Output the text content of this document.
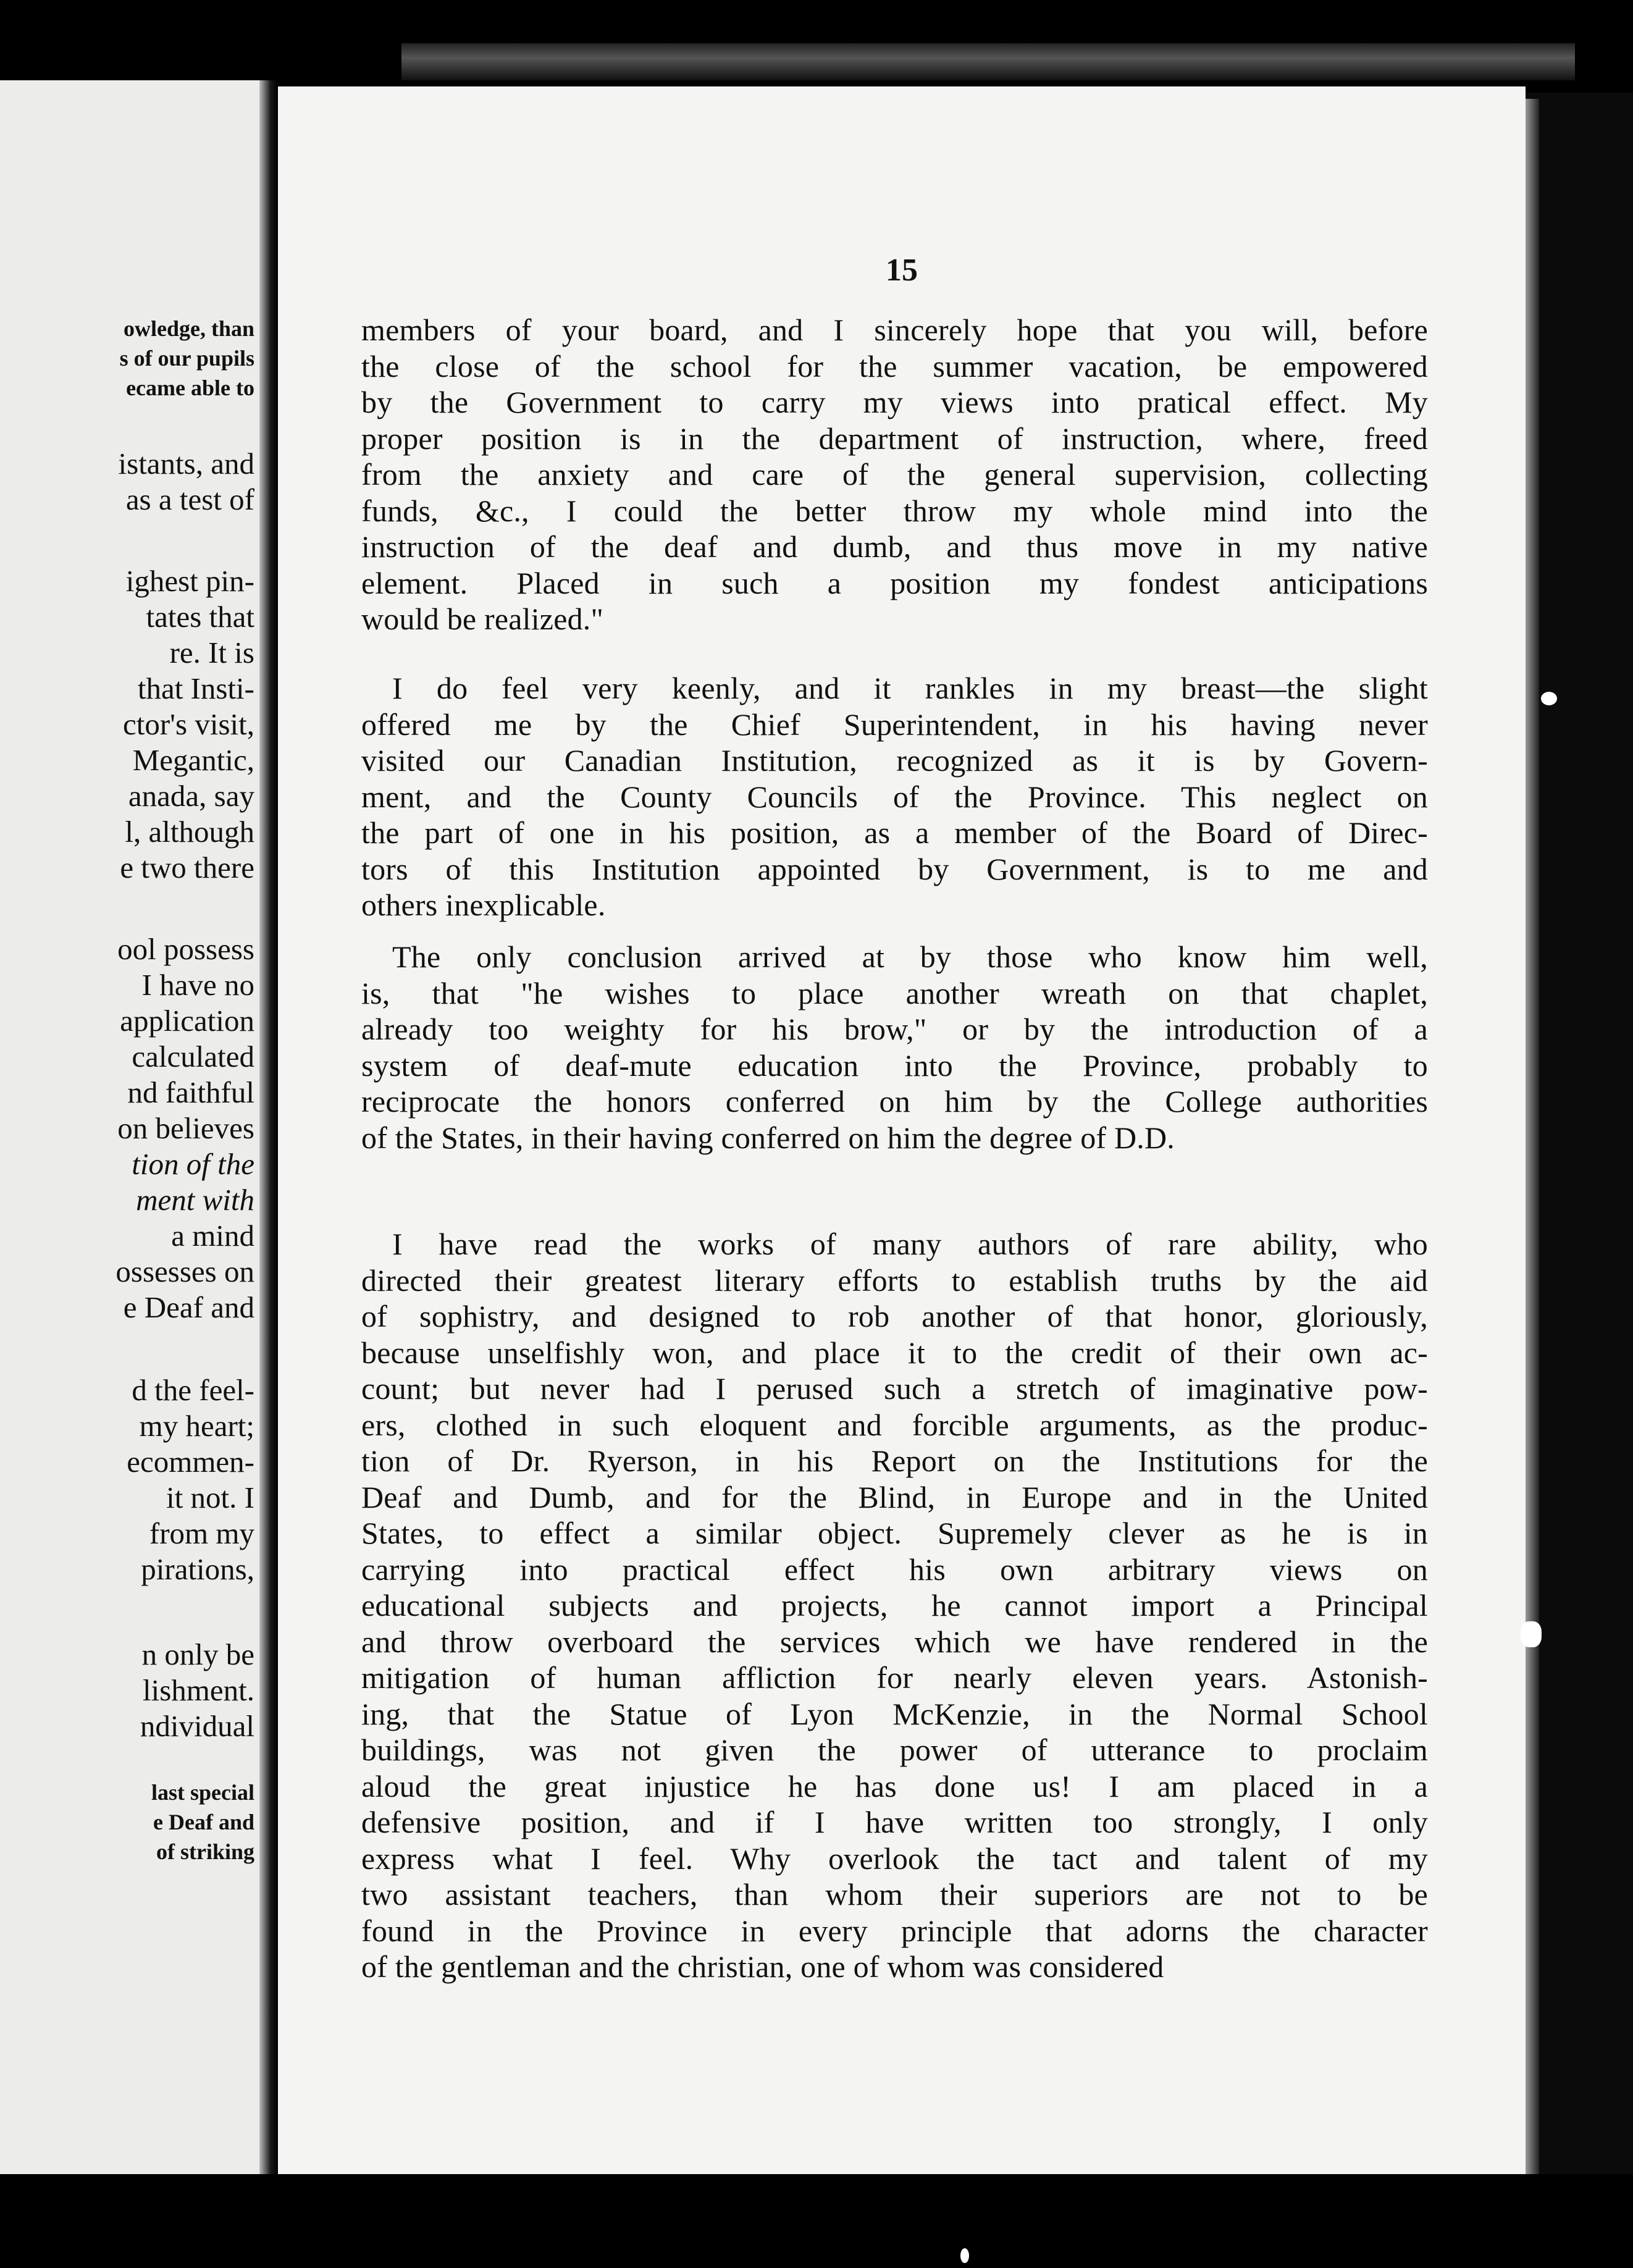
owledge, than
s of our pupils
ecame able to
istants, and
as a test of
ighest pin-
tates that
re. It is
that Insti-
ctor's visit,
Megantic,
anada, say
l, although
e two there
ool possess
I have no
application
calculated
nd faithful
on believes
tion of the
ment with
a mind
ossesses on
e Deaf and
d the feel-
my heart;
ecommen-
it not. I
from my
pirations,
n only be
lishment.
ndividual
last special
e Deaf and
of striking
15
members of your board, and I sincerely hope that you will, before
the close of the school for the summer vacation, be empowered
by the Government to carry my views into pratical effect. My
proper position is in the department of instruction, where, freed
from the anxiety and care of the general supervision, collecting
funds, &c., I could the better throw my whole mind into the
instruction of the deaf and dumb, and thus move in my native
element. Placed in such a position my fondest anticipations
would be realized."
I do feel very keenly, and it rankles in my breast—the slight
offered me by the Chief Superintendent, in his having never
visited our Canadian Institution, recognized as it is by Govern-
ment, and the County Councils of the Province. This neglect on
the part of one in his position, as a member of the Board of Direc-
tors of this Institution appointed by Government, is to me and
others inexplicable.
The only conclusion arrived at by those who know him well,
is, that "he wishes to place another wreath on that chaplet,
already too weighty for his brow," or by the introduction of a
system of deaf-mute education into the Province, probably to
reciprocate the honors conferred on him by the College authorities
of the States, in their having conferred on him the degree of D.D.
I have read the works of many authors of rare ability, who
directed their greatest literary efforts to establish truths by the aid
of sophistry, and designed to rob another of that honor, gloriously,
because unselfishly won, and place it to the credit of their own ac-
count; but never had I perused such a stretch of imaginative pow-
ers, clothed in such eloquent and forcible arguments, as the produc-
tion of Dr. Ryerson, in his Report on the Institutions for the
Deaf and Dumb, and for the Blind, in Europe and in the United
States, to effect a similar object. Supremely clever as he is in
carrying into practical effect his own arbitrary views on
educational subjects and projects, he cannot import a Principal
and throw overboard the services which we have rendered in the
mitigation of human affliction for nearly eleven years. Astonish-
ing, that the Statue of Lyon McKenzie, in the Normal School
buildings, was not given the power of utterance to proclaim
aloud the great injustice he has done us! I am placed in a
defensive position, and if I have written too strongly, I only
express what I feel. Why overlook the tact and talent of my
two assistant teachers, than whom their superiors are not to be
found in the Province in every principle that adorns the character
of the gentleman and the christian, one of whom was considered
